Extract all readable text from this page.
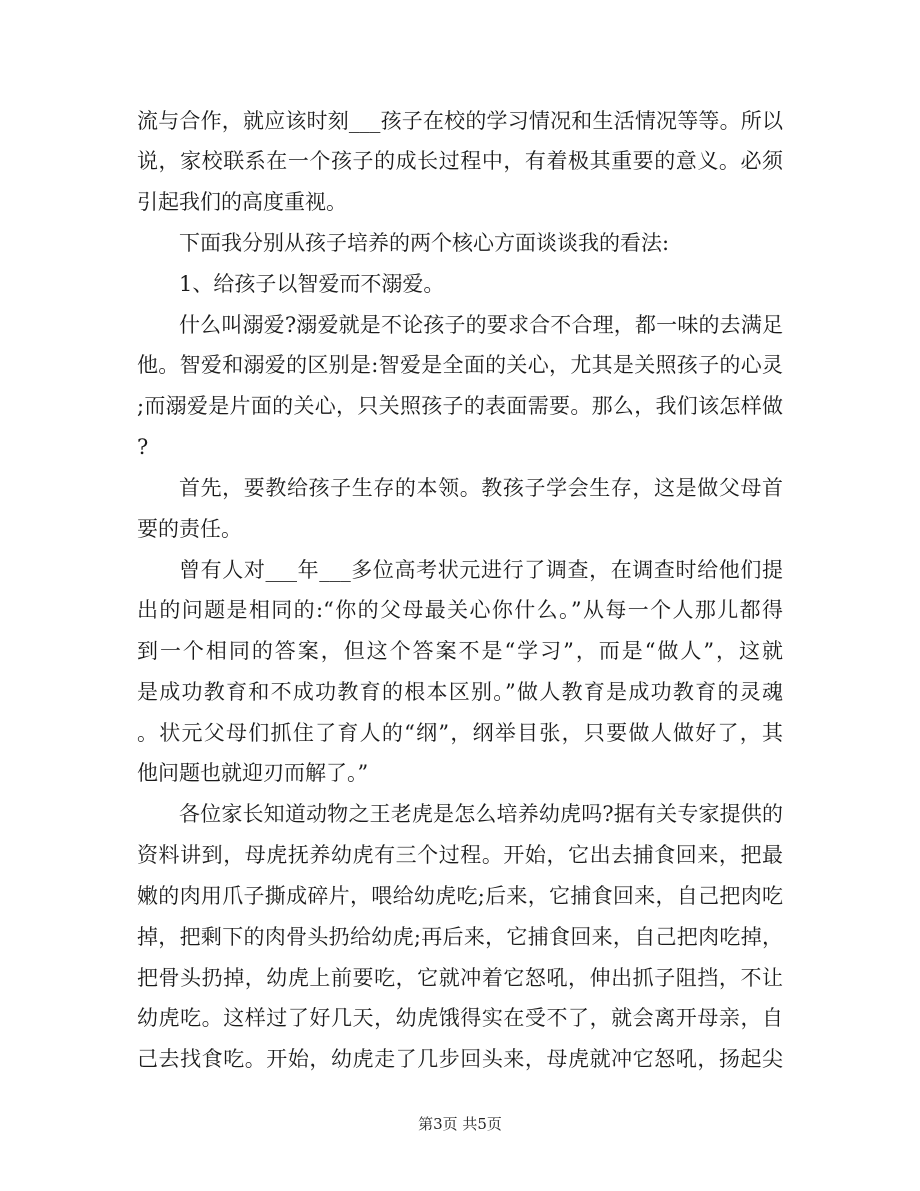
流与合作，就应该时刻___孩子在校的学习情况和生活情况等等。所以
说，家校联系在一个孩子的成长过程中，有着极其重要的意义。必须
引起我们的高度重视。
下面我分别从孩子培养的两个核心方面谈谈我的看法:
1、给孩子以智爱而不溺爱。
什么叫溺爱?溺爱就是不论孩子的要求合不合理，都一味的去满足
他。智爱和溺爱的区别是:智爱是全面的关心，尤其是关照孩子的心灵
;而溺爱是片面的关心，只关照孩子的表面需要。那么，我们该怎样做
?
首先，要教给孩子生存的本领。教孩子学会生存，这是做父母首
要的责任。
曾有人对___年___多位高考状元进行了调查，在调查时给他们提
出的问题是相同的:“你的父母最关心你什么。”从每一个人那儿都得
到一个相同的答案，但这个答案不是“学习”，而是“做人”，这就
是成功教育和不成功教育的根本区别。”做人教育是成功教育的灵魂
。状元父母们抓住了育人的“纲”，纲举目张，只要做人做好了，其
他问题也就迎刃而解了。”
各位家长知道动物之王老虎是怎么培养幼虎吗?据有关专家提供的
资料讲到，母虎抚养幼虎有三个过程。开始，它出去捕食回来，把最
嫩的肉用爪子撕成碎片，喂给幼虎吃;后来，它捕食回来，自己把肉吃
掉，把剩下的肉骨头扔给幼虎;再后来，它捕食回来，自己把肉吃掉，
把骨头扔掉，幼虎上前要吃，它就冲着它怒吼，伸出抓子阻挡，不让
幼虎吃。这样过了好几天，幼虎饿得实在受不了，就会离开母亲，自
己去找食吃。开始，幼虎走了几步回头来，母虎就冲它怒吼，扬起尖
第3页 共5页
